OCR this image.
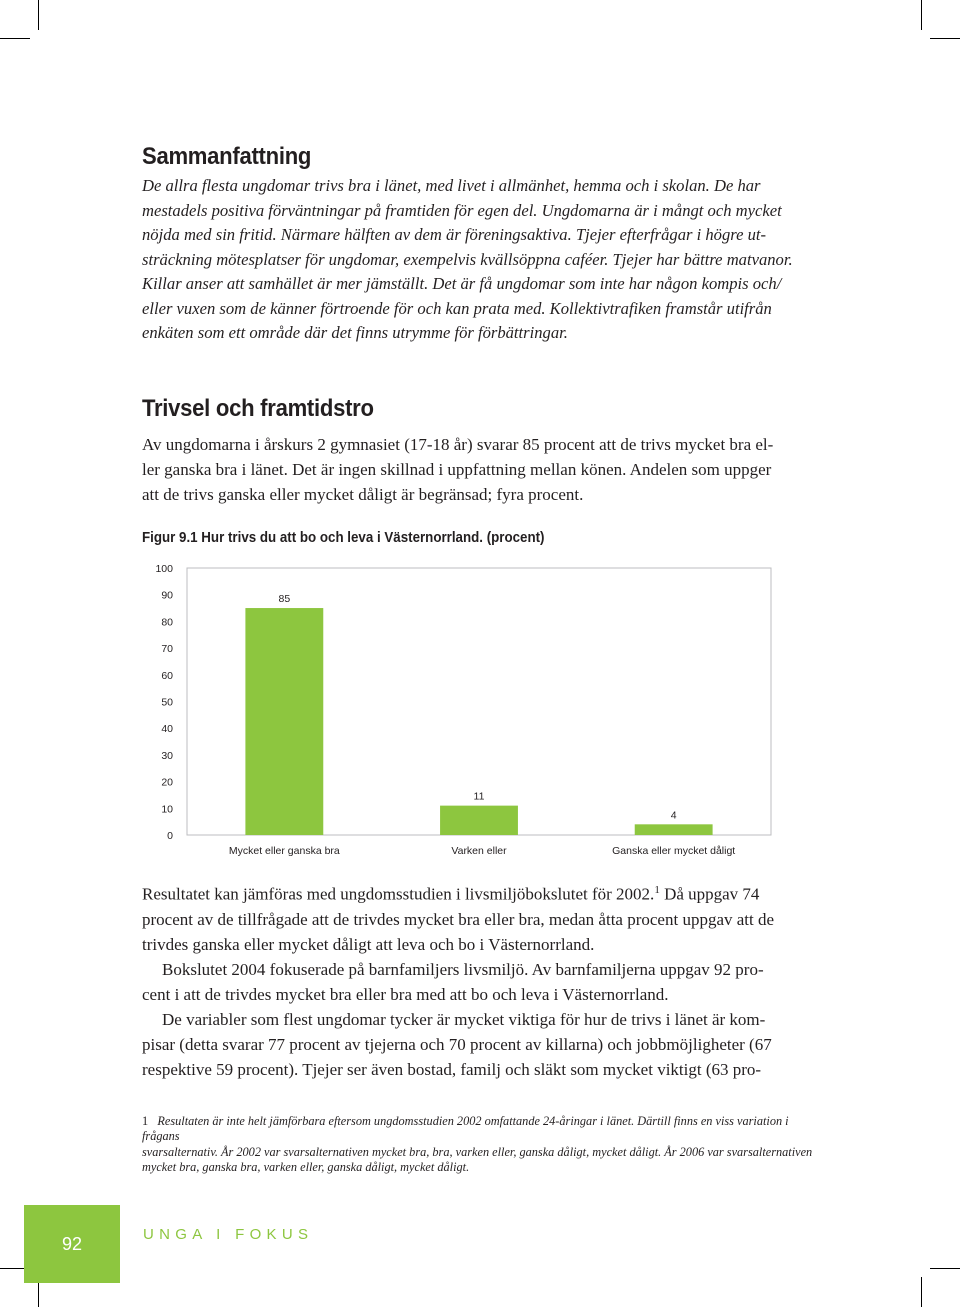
Sammanfattning

De allra flesta ungdomar trivs bra i länet, med livet i allmänhet, hemma och i skolan. De har
mestadels positiva förväntningar på framtiden för egen del. Ungdomarna är i mångt och mycket
nöjda med sin fritid. Närmare hälften av dem är föreningsaktiva. Tjejer efterfrågar i högre ut-
sträckning mötesplatser för ungdomar, exempelvis kvällsöppna caféer. Tjejer har bättre matvanor.
Killar anser att samhället är mer jämställt. Det är få ungdomar som inte har någon kompis och/
eller vuxen som de känner förtroende för och kan prata med. Kollektivtrafiken framstår utifrån
enkäten som ett område där det finns utrymme för förbättringar.

Trivsel och framtidstro

Av ungdomarna i årskurs 2 gymnasiet (17-18 år) svarar 85 procent att de trivs mycket bra el-
ler ganska bra i länet. Det är ingen skillnad i uppfattning mellan könen. Andelen som uppger
att de trivs ganska eller mycket dåligt är begränsad; fyra procent.

Figur 9.1 Hur trivs du att bo och leva i Västernorrland. (procent)

0
10
20
30
40
50
60
70
80
90
100
85
11
4
Mycket eller ganska bra	Varken eller	Ganska eller mycket dåligt

Resultatet kan jämföras med ungdomsstudien i livsmiljöbokslutet för 2002.$^1$ Då uppgav 74
procent av de tillfrågade att de trivdes mycket bra eller bra, medan åtta procent uppgav att de
trivdes ganska eller mycket dåligt att leva och bo i Västernorrland.

Bokslutet 2004 fokuserade på barnfamiljers livsmiljö. Av barnfamiljerna uppgav 92 pro-
cent i att de trivdes mycket bra eller bra med att bo och leva i Västernorrland.

De variabler som flest ungdomar tycker är mycket viktiga för hur de trivs i länet är kom-
pisar (detta svarar 77 procent av tjejerna och 70 procent av killarna) och jobbmöjligheter (67
respektive 59 procent). Tjejer ser även bostad, familj och släkt som mycket viktigt (63 pro-

1 Resultaten är inte helt jämförbara eftersom ungdomsstudien 2002 omfattande 24-åringar i länet. Därtill finns en viss variation i frågans
svarsalternativ. År 2002 var svarsalternativen mycket bra, bra, varken eller, ganska dåligt, mycket dåligt. År 2006 var svarsalternativen
mycket bra, ganska bra, varken eller, ganska dåligt, mycket dåligt.

92	UNGA I FOKUS
